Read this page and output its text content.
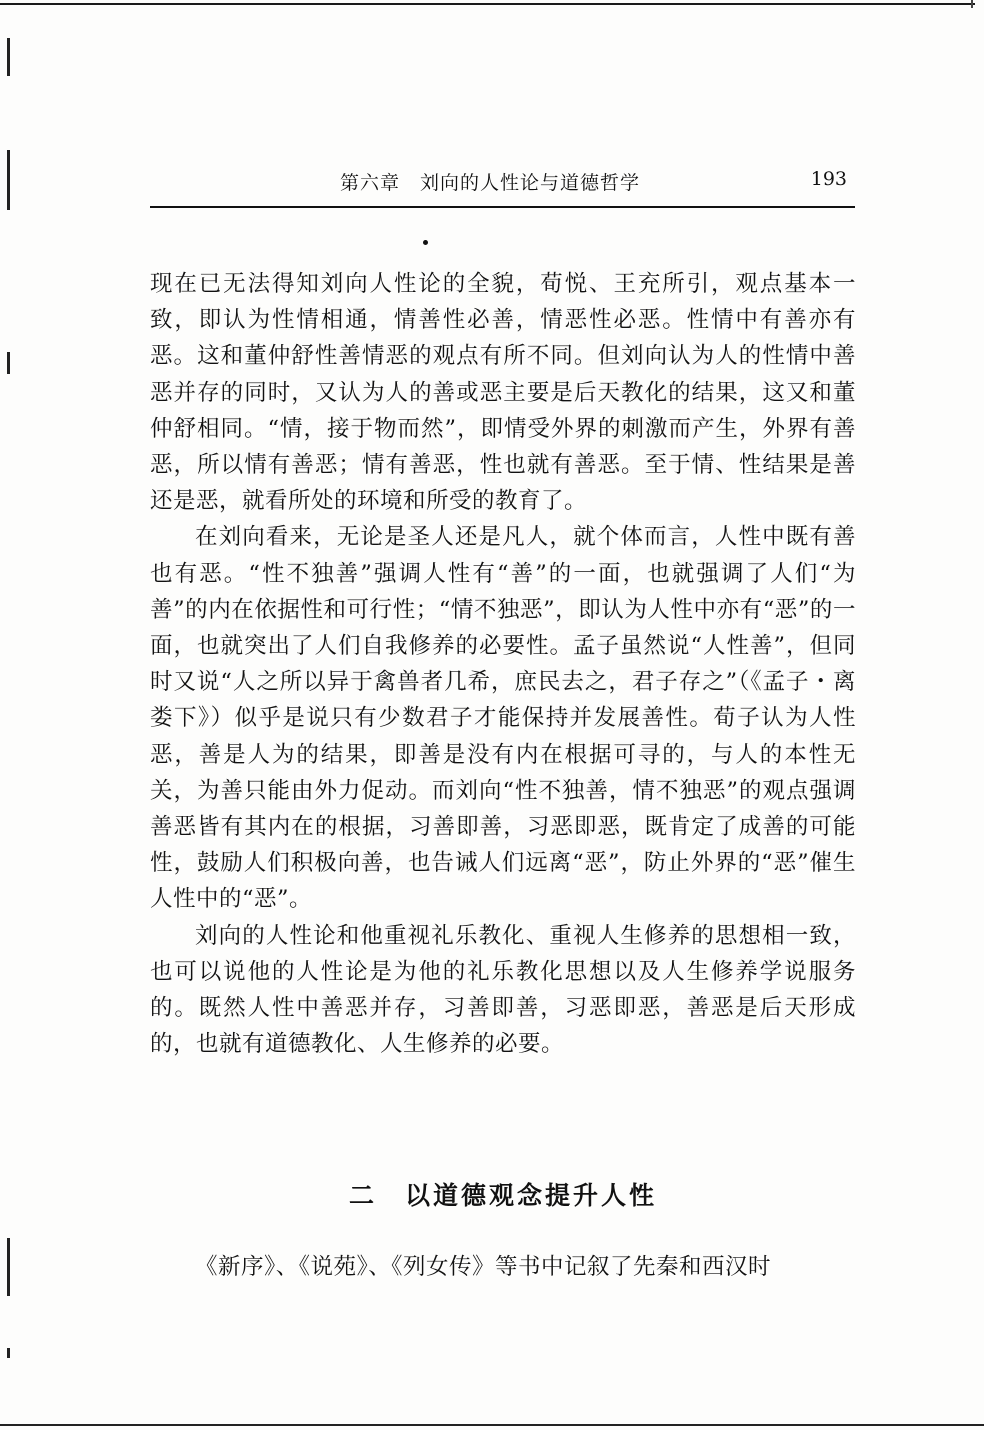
第六章　刘向的人性论与道德哲学	193

现在已无法得知刘向人性论的全貌，荀悦、王充所引，观点基本一致，即认为性情相通，情善性必善，情恶性必恶。性情中有善亦有恶。这和董仲舒性善情恶的观点有所不同。但刘向认为人的性情中善恶并存的同时，又认为人的善或恶主要是后天教化的结果，这又和董仲舒相同。“情，接于物而然”，即情受外界的刺激而产生，外界有善恶，所以情有善恶；情有善恶，性也就有善恶。至于情、性结果是善还是恶，就看所处的环境和所受的教育了。

在刘向看来，无论是圣人还是凡人，就个体而言，人性中既有善也有恶。“性不独善”强调人性有“善”的一面，也就强调了人们“为善”的内在依据性和可行性；“情不独恶”，即认为人性中亦有“恶”的一面，也就突出了人们自我修养的必要性。孟子虽然说“人性善”，但同时又说“人之所以异于禽兽者几希，庶民去之，君子存之”（《孟子・离娄下》）似乎是说只有少数君子才能保持并发展善性。荀子认为人性恶，善是人为的结果，即善是没有内在根据可寻的，与人的本性无关，为善只能由外力促动。而刘向“性不独善，情不独恶”的观点强调善恶皆有其内在的根据，习善即善，习恶即恶，既肯定了成善的可能性，鼓励人们积极向善，也告诫人们远离“恶”，防止外界的“恶”催生人性中的“恶”。

刘向的人性论和他重视礼乐教化、重视人生修养的思想相一致，也可以说他的人性论是为他的礼乐教化思想以及人生修养学说服务的。既然人性中善恶并存，习善即善，习恶即恶，善恶是后天形成的，也就有道德教化、人生修养的必要。

二　以道德观念提升人性

《新序》、《说苑》、《列女传》等书中记叙了先秦和西汉时
